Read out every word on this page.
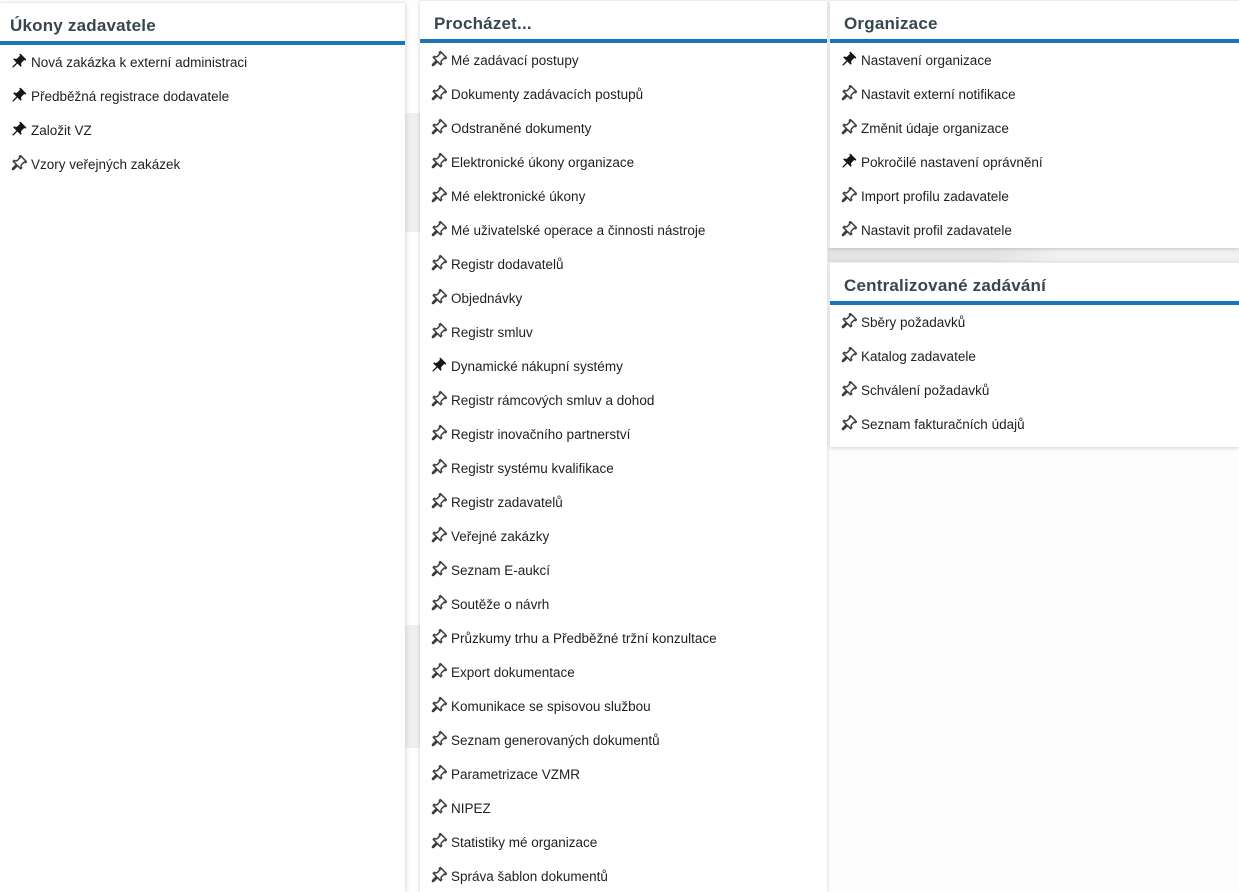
Úkony zadavatele
Nová zakázka k externí administraci
Předběžná registrace dodavatele
Založit VZ
Vzory veřejných zakázek
Procházet...
Mé zadávací postupy
Dokumenty zadávacích postupů
Odstraněné dokumenty
Elektronické úkony organizace
Mé elektronické úkony
Mé uživatelské operace a činnosti nástroje
Registr dodavatelů
Objednávky
Registr smluv
Dynamické nákupní systémy
Registr rámcových smluv a dohod
Registr inovačního partnerství
Registr systému kvalifikace
Registr zadavatelů
Veřejné zakázky
Seznam E-aukcí
Soutěže o návrh
Průzkumy trhu a Předběžné tržní konzultace
Export dokumentace
Komunikace se spisovou službou
Seznam generovaných dokumentů
Parametrizace VZMR
NIPEZ
Statistiky mé organizace
Správa šablon dokumentů
Organizace
Nastavení organizace
Nastavit externí notifikace
Změnit údaje organizace
Pokročilé nastavení oprávnění
Import profilu zadavatele
Nastavit profil zadavatele
Centralizované zadávání
Sběry požadavků
Katalog zadavatele
Schválení požadavků
Seznam fakturačních údajů
